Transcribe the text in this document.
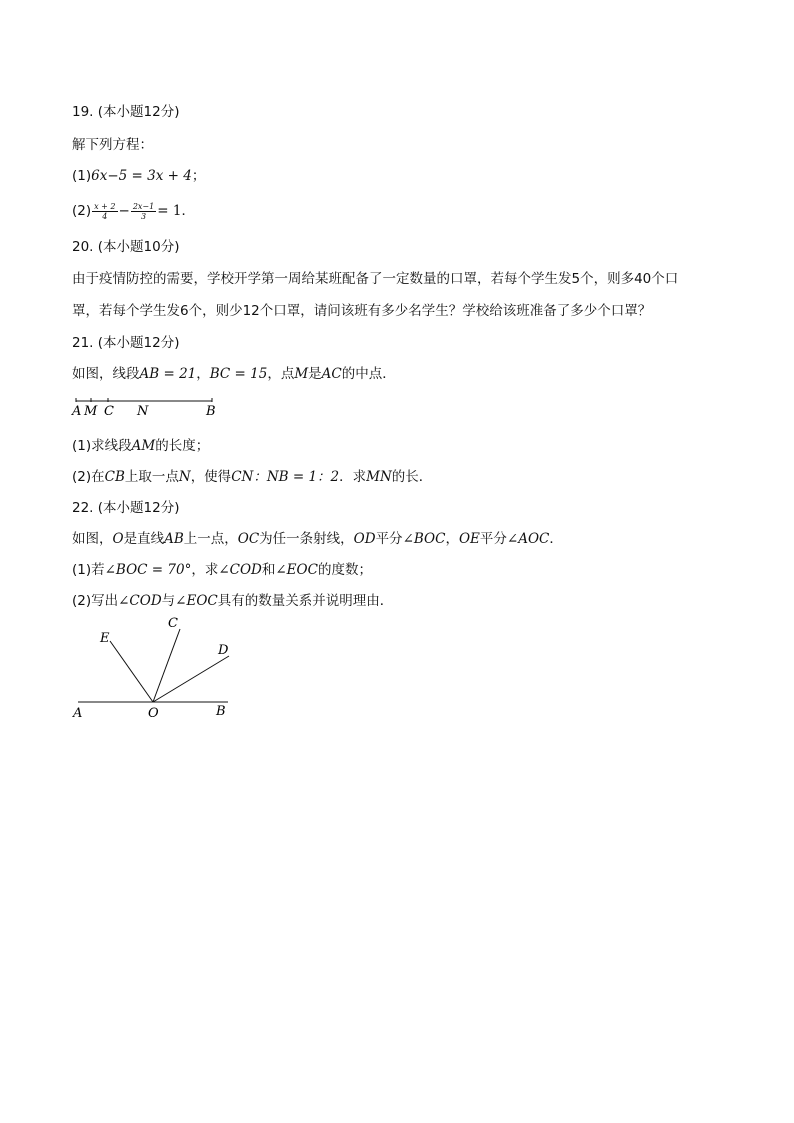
19. (本小题12分)
解下列方程：
(1)6x−5 = 3x + 4；
$(2) \frac{x + 2}{4} - \frac{2x-1}{3} = 1$．
20. (本小题10分)
由于疫情防控的需要，学校开学第一周给某班配备了一定数量的口罩，若每个学生发5个，则多40个口
罩，若每个学生发6个，则少12个口罩，请问该班有多少名学生？学校给该班准备了多少个口罩？
21. (本小题12分)
如图，线段AB = 21，BC = 15，点M是AC的中点．
A M C N	B
(1)求线段AM的长度；
(2)在CB上取一点N，使得CN：NB = 1：2．求MN的长．
22. (本小题12分)
如图，O是直线AB上一点，OC为任一条射线，OD平分∠BOC，OE平分∠AOC．
(1)若∠BOC = 70°，求∠COD和∠EOC的度数；
(2)写出∠COD与∠EOC具有的数量关系并说明理由．
E
C
D
A	O	B
